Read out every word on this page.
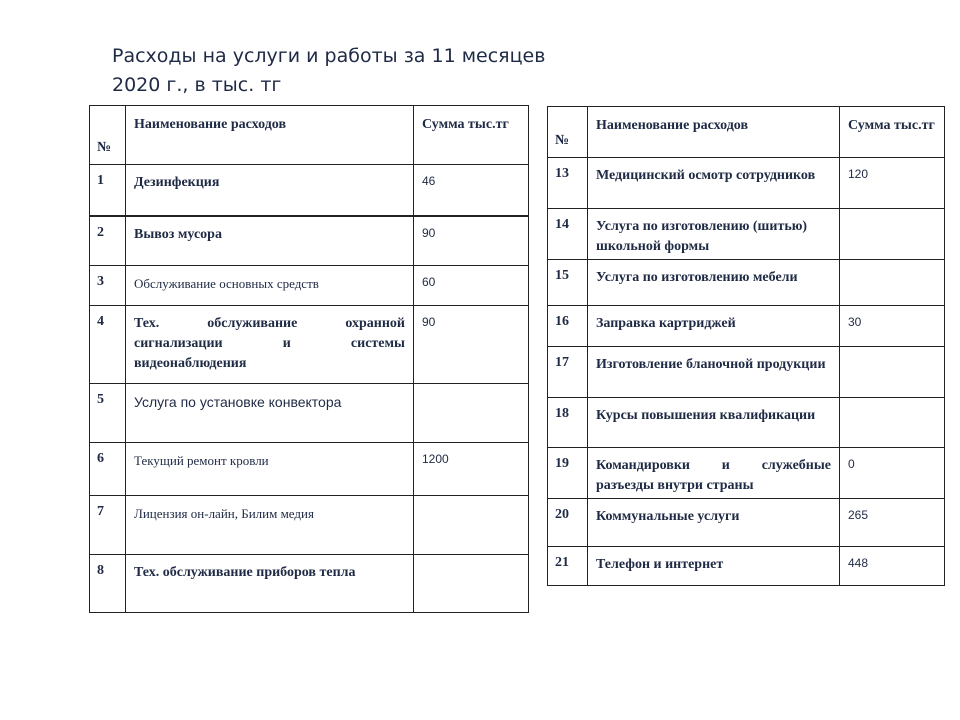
Расходы на услуги и работы за 11 месяцев
2020 г., в тыс. тг
№	Наименование расходов	Сумма тыс.тг
1	Дезинфекция	46
2	Вывоз мусора	90
3	Обслуживание основных средств	60
4	Тех. обслуживание охранной сигнализации и системы видеонаблюдения	90
5	Услуга по установке конвектора	
6	Текущий ремонт кровли	1200
7	Лицензия он-лайн, Билим медия	
8	Тех. обслуживание приборов тепла	
№	Наименование расходов	Сумма тыс.тг
13	Медицинский осмотр сотрудников	120
14	Услуга по изготовлению (шитью) школьной формы	
15	Услуга по изготовлению мебели	
16	Заправка картриджей	30
17	Изготовление бланочной продукции	
18	Курсы повышения квалификации	
19	Командировки и служебные разъезды внутри страны	0
20	Коммунальные услуги	265
21	Телефон и интернет	448
